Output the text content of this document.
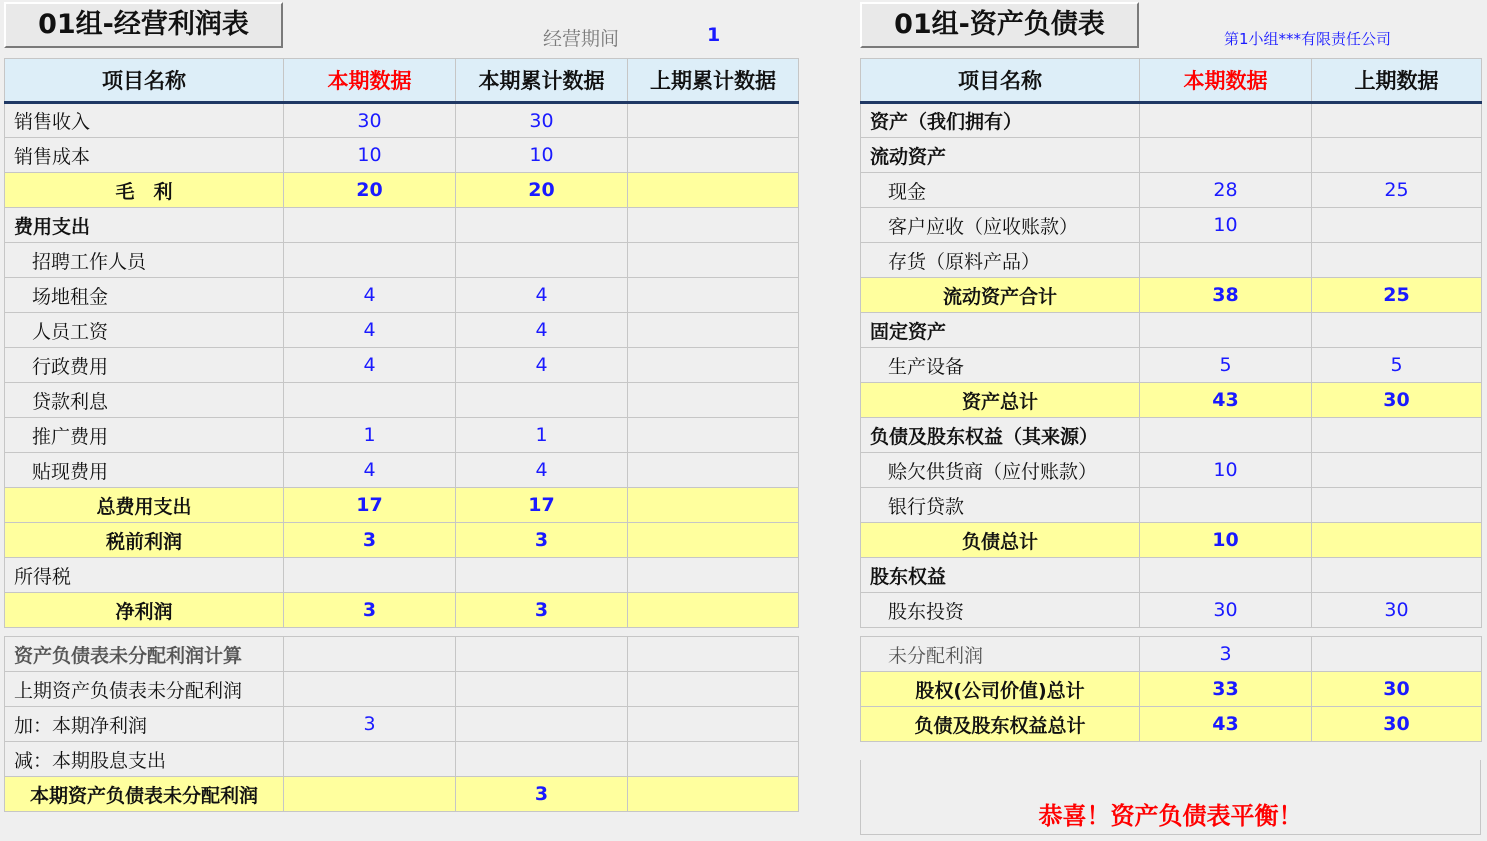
01组-经营利润表	经营期间	1	01组-资产负债表	第1小组***有限责任公司
项目名称	本期数据	本期累计数据	上期累计数据
销售收入	30	30	
销售成本	10	10	
毛　利	20	20	
费用支出			
招聘工作人员			
场地租金	4	4	
人员工资	4	4	
行政费用	4	4	
贷款利息			
推广费用	1	1	
贴现费用	4	4	
总费用支出	17	17	
税前利润	3	3	
所得税			
净利润	3	3	

资产负债表未分配利润计算			
上期资产负债表未分配利润			
加：本期净利润	3		
减：本期股息支出			
本期资产负债表未分配利润		3	
项目名称	本期数据	上期数据
资产（我们拥有）		
流动资产		
现金	28	25
客户应收（应收账款）	10	
存货（原料产品）		
流动资产合计	38	25
固定资产		
生产设备	5	5
资产总计	43	30
负债及股东权益（其来源）		
赊欠供货商（应付账款）	10	
银行贷款		
负债总计	10	
股东权益		
股东投资	30	30

未分配利润	3	
股权(公司价值)总计	33	30
负债及股东权益总计	43	30
恭喜！资产负债表平衡！
